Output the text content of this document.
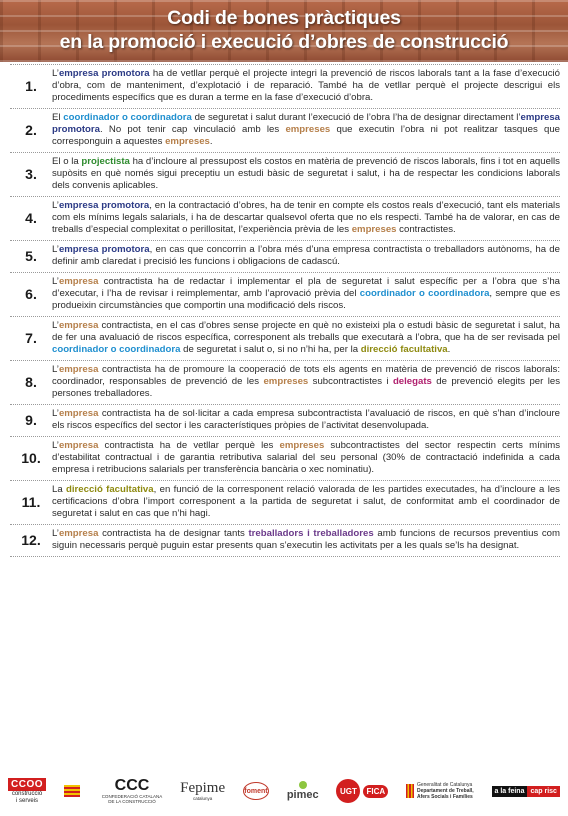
Codi de bones pràctiques
en la promoció i execució d’obres de construcció
1.
L’empresa promotora ha de vetllar perquè el projecte integri la prevenció de riscos laborals tant a la fase d’execució d’obra, com de manteniment, d’explotació i de reparació. També ha de vetllar perquè el projecte descrigui els procediments específics que es duran a terme en la fase d’execució d’obra.
2.
El coordinador o coordinadora de seguretat i salut durant l’execució de l’obra l’ha de designar directament l’empresa promotora. No pot tenir cap vinculació amb les empreses que executin l’obra ni pot realitzar tasques que corresponguin a aquestes empreses.
3.
El o la projectista ha d’incloure al pressupost els costos en matèria de prevenció de riscos laborals, fins i tot en aquells supòsits en què només sigui preceptiu un estudi bàsic de seguretat i salut, i ha de respectar les condicions laborals dels convenis aplicables.
4.
L’empresa promotora, en la contractació d’obres, ha de tenir en compte els costos reals d’execució, tant els materials com els mínims legals salarials, i ha de descartar qualsevol oferta que no els respecti. També ha de valorar, en cas de treballs d’especial complexitat o perillositat, l’experiència prèvia de les empreses contractistes.
5.	L’empresa promotora, en cas que concorrin a l’obra més d’una empresa contractista o treballadors autònoms, ha de definir amb claredat i precisió les funcions i obligacions de cadascú.
6.
L’empresa contractista ha de redactar i implementar el pla de seguretat i salut específic per a l’obra que s’ha d’executar, i l’ha de revisar i reimplementar, amb l’aprovació prèvia del coordinador o coordinadora, sempre que es produeixin circumstàncies que comportin una modificació dels riscos.
7.
L’empresa contractista, en el cas d’obres sense projecte en què no existeixi pla o estudi bàsic de seguretat i salut, ha de fer una avaluació de riscos específica, corresponent als treballs que executarà a l’obra, que ha de ser revisada pel coordinador o coordinadora de seguretat i salut o, si no n’hi ha, per la direcció facultativa.
8.
L’empresa contractista ha de promoure la cooperació de tots els agents en matèria de prevenció de riscos laborals: coordinador, responsables de prevenció de les empreses subcontractistes i delegats de prevenció elegits per les persones treballadores.
9.	L’empresa contractista ha de sol·licitar a cada empresa subcontractista l’avaluació de riscos, en què s’han d’incloure els riscos específics del sector i les característiques pròpies de l’activitat desenvolupada.
10.
L’empresa contractista ha de vetllar perquè les empreses subcontractistes del sector respectin certs mínims d’estabilitat contractual i de garantia retributiva salarial del seu personal (30% de contractació indefinida a cada empresa i retribucions salarials per transferència bancària o xec nominatiu).
11.
La direcció facultativa, en funció de la corresponent relació valorada de les partides executades, ha d’incloure a les certificacions d’obra l’import corresponent a la partida de seguretat i salut, de conformitat amb el coordinador de seguretat i salut en cas que n’hi hagi.
12.	L’empresa contractista ha de designar tants treballadors i treballadores amb funcions de recursos preventius com siguin necessaris perquè puguin estar presents quan s’executin les activitats per a les quals se’ls ha designat.
CCOO
construcció
i serveis
CCC
CONFEDERACIÓ CATALANA
DE LA CONSTRUCCIÓ
Fepime
catalunya
foment pimec	UGT	FICA
Generalitat de Catalunya
Departament de Treball,
Afers Socials i Famílies
a la feina cap risc
